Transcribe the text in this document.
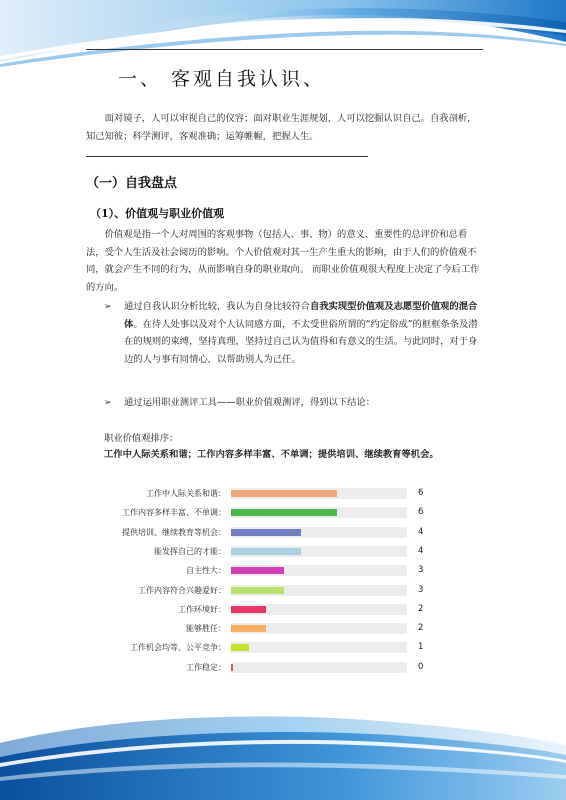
一、 客观自我认识、
面对镜子，人可以审视自己的仪容；面对职业生涯规划，人可以挖掘认识自己。自我剖析，知己知彼；科学测评，客观准确；运筹帷幄，把握人生。
（一）自我盘点
（1）、价值观与职业价值观
价值观是指一个人对周围的客观事物（包括人、事、物）的意义、重要性的总评价和总看法，受个人生活及社会阅历的影响。个人价值观对其一生产生重大的影响，由于人们的价值观不同，就会产生不同的行为，从而影响自身的职业取向。 而职业价值观很大程度上决定了今后工作的方向。
➢ 通过自我认识分析比较，我认为自身比较符合自我实现型价值观及志愿型价值观的混合体。在待人处事以及对个人认同感方面，不太受世俗所谓的“约定俗成”的框框条条及潜在的规则的束缚，坚持真理，坚持过自己认为值得和有意义的生活。与此同时，对于身边的人与事有同情心，以帮助别人为己任。
➢ 通过运用职业测评工具——职业价值观测评，得到以下结论：
职业价值观排序：
工作中人际关系和谐；工作内容多样丰富、不单调；提供培训、继续教育等机会。
工作中人际关系和谐：	6
工作内容多样丰富、不单调：	6
提供培训、继续教育等机会：	4
能发挥自己的才能：	4
自主性大：	3
工作内容符合兴趣爱好：	3
工作环境好：	2
能够胜任：	2
工作机会均等、公平竞争：	1
工作稳定：	0
